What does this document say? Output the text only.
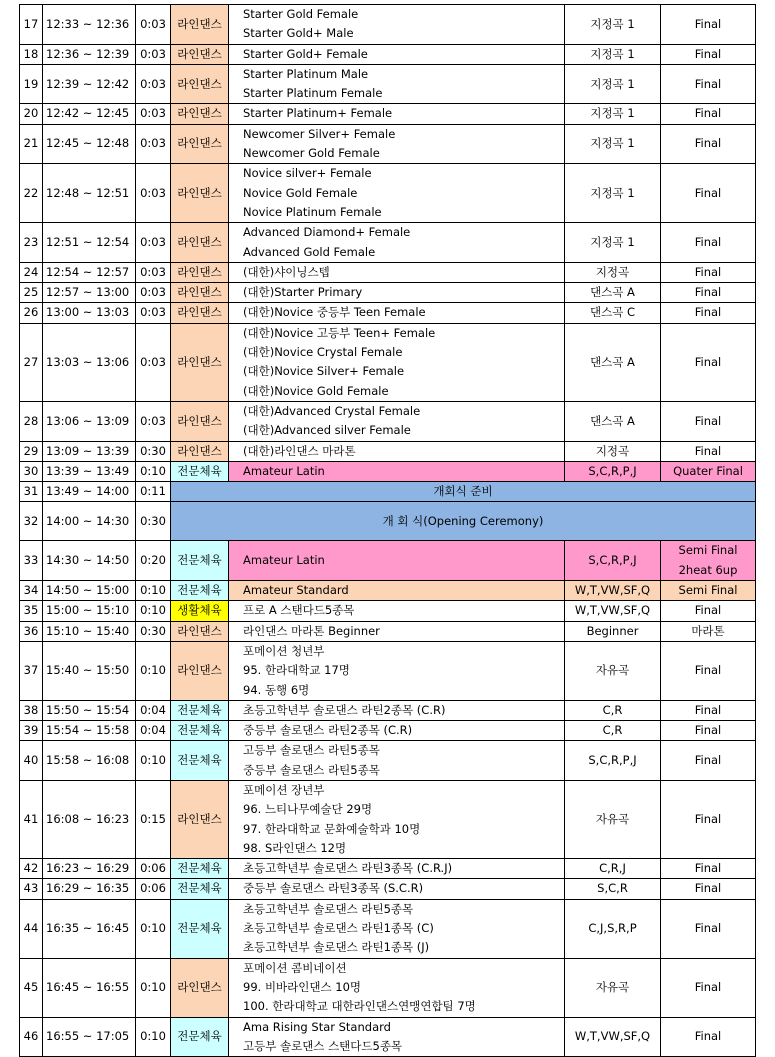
17	12:33 ~ 12:36	0:03	라인댄스	Starter Gold Female
Starter Gold+ Male	지정곡 1	Final

18	12:36 ~ 12:39	0:03	라인댄스	Starter Gold+ Female	지정곡 1	Final

19	12:39 ~ 12:42	0:03	라인댄스	Starter Platinum Male
Starter Platinum Female	지정곡 1	Final

20	12:42 ~ 12:45	0:03	라인댄스	Starter Platinum+ Female	지정곡 1	Final

21	12:45 ~ 12:48	0:03	라인댄스	Newcomer Silver+ Female
Newcomer Gold Female	지정곡 1	Final

22	12:48 ~ 12:51	0:03	라인댄스	Novice silver+ Female
Novice Gold Female
Novice Platinum Female	지정곡 1	Final

23	12:51 ~ 12:54	0:03	라인댄스	Advanced Diamond+ Female
Advanced Gold Female	지정곡 1	Final

24	12:54 ~ 12:57	0:03	라인댄스	(대한)샤이닝스텝	지정곡	Final

25	12:57 ~ 13:00	0:03	라인댄스	(대한)Starter Primary	댄스곡 A	Final

26	13:00 ~ 13:03	0:03	라인댄스	(대한)Novice 중등부 Teen Female	댄스곡 C	Final

27	13:03 ~ 13:06	0:03	라인댄스	(대한)Novice 고등부 Teen+ Female
(대한)Novice Crystal Female
(대한)Novice Silver+ Female
(대한)Novice Gold Female	댄스곡 A	Final

28	13:06 ~ 13:09	0:03	라인댄스	(대한)Advanced Crystal Female
(대한)Advanced silver Female	댄스곡 A	Final

29	13:09 ~ 13:39	0:30	라인댄스	(대한)라인댄스 마라톤	지정곡	Final

30	13:39 ~ 13:49	0:10	전문체육	Amateur Latin	S,C,R,P,J	Quater Final

31	13:49 ~ 14:00	0:11	개회식 준비			
32	14:00 ~ 14:30	0:30	개 회 식(Opening Ceremony)			
33	14:30 ~ 14:50	0:20	전문체육	Amateur Latin	S,C,R,P,J	Semi Final
2heat 6up

34	14:50 ~ 15:00	0:10	전문체육	Amateur Standard	W,T,VW,SF,Q	Semi Final

35	15:00 ~ 15:10	0:10	생활체육	프로 A 스탠다드5종목	W,T,VW,SF,Q	Final

36	15:10 ~ 15:40	0:30	라인댄스	라인댄스 마라톤 Beginner	Beginner	마라톤

37	15:40 ~ 15:50	0:10	라인댄스	포메이션 청년부
95. 한라대학교 17명
94. 동행 6명	자유곡	Final

38	15:50 ~ 15:54	0:04	전문체육	초등고학년부 솔로댄스 라틴2종목 (C.R)	C,R	Final

39	15:54 ~ 15:58	0:04	전문체육	중등부 솔로댄스 라틴2종목 (C.R)	C,R	Final

40	15:58 ~ 16:08	0:10	전문체육	고등부 솔로댄스 라틴5종목
중등부 솔로댄스 라틴5종목	S,C,R,P,J	Final

41	16:08 ~ 16:23	0:15	라인댄스	포메이션 장년부
96. 느티나무예술단 29명
97. 한라대학교 문화예술학과 10명
98. S라인댄스 12명	자유곡	Final

42	16:23 ~ 16:29	0:06	전문체육	초등고학년부 솔로댄스 라틴3종목 (C.R.J)	C,R,J	Final

43	16:29 ~ 16:35	0:06	전문체육	중등부 솔로댄스 라틴3종목 (S.C.R)	S,C,R	Final

44	16:35 ~ 16:45	0:10	전문체육	초등고학년부 솔로댄스 라틴5종목
초등고학년부 솔로댄스 라틴1종목 (C)
초등고학년부 솔로댄스 라틴1종목 (J)	C,J,S,R,P	Final

45	16:45 ~ 16:55	0:10	라인댄스	포메이션 콤비네이션
99. 비바라인댄스 10명
100. 한라대학교 대한라인댄스연맹연합팀 7명	자유곡	Final

46	16:55 ~ 17:05	0:10	전문체육	Ama Rising Star Standard
고등부 솔로댄스 스탠다드5종목	W,T,VW,SF,Q	Final
